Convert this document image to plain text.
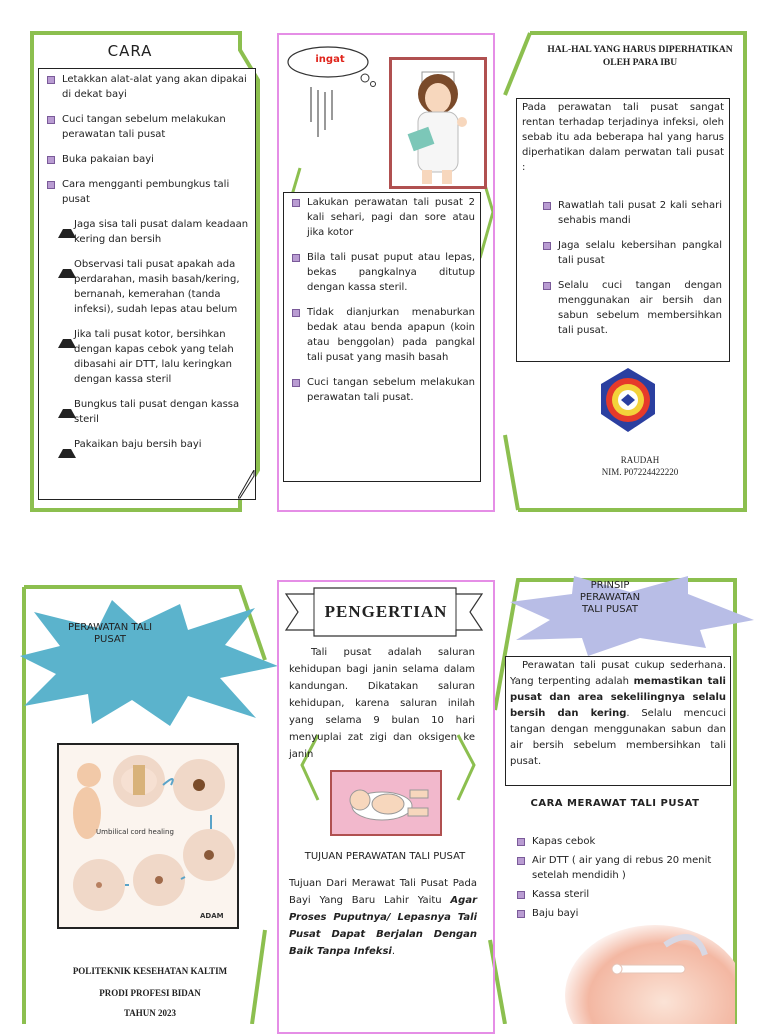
CARA
Letakkan alat-alat yang akan dipakai di dekat bayi
Cuci tangan sebelum melakukan perawatan tali pusat
Buka pakaian bayi
Cara mengganti pembungkus tali pusat
Jaga sisa tali pusat dalam keadaan kering dan bersih
Observasi tali pusat apakah ada perdarahan, masih basah/kering, bernanah, kemerahan (tanda infeksi), sudah lepas atau belum
Jika tali pusat kotor, bersihkan dengan kapas cebok yang telah dibasahi air DTT, lalu keringkan dengan kassa steril
Bungkus tali pusat dengan kassa steril
Pakaikan baju bersih bayi
ingat
Lakukan perawatan tali pusat 2 kali sehari, pagi dan sore atau jika kotor
Bila tali pusat puput atau lepas, bekas pangkalnya ditutup dengan kassa steril.
Tidak dianjurkan menaburkan bedak atau benda apapun (koin atau benggolan) pada pangkal tali pusat yang masih basah
Cuci tangan sebelum melakukan perawatan tali pusat.
HAL-HAL YANG HARUS DIPERHATIKAN OLEH PARA IBU
Pada perawatan tali pusat sangat rentan terhadap terjadinya infeksi, oleh sebab itu ada beberapa hal yang harus diperhatikan dalam perwatan tali pusat :
Rawatlah tali pusat 2 kali sehari sehabis mandi
Jaga selalu kebersihan pangkal tali pusat
Selalu cuci tangan dengan menggunakan air bersih dan sabun sebelum membersihkan tali pusat.
RAUDAH
NIM. P07224422220
PERAWATAN TALI PUSAT
Umbilical cord healing
ADAM
POLITEKNIK KESEHATAN KALTIM
PRODI PROFESI BIDAN
TAHUN 2023
PENGERTIAN
Tali pusat adalah saluran kehidupan bagi janin selama dalam kandungan. Dikatakan saluran kehidupan, karena saluran inilah yang selama 9 bulan 10 hari menyuplai zat zigi dan oksigen ke janin
TUJUAN PERAWATAN TALI PUSAT
Tujuan Dari Merawat Tali Pusat Pada Bayi Yang Baru Lahir Yaitu Agar Proses Puputnya/ Lepasnya Tali Pusat Dapat Berjalan Dengan Baik Tanpa Infeksi.
PRINSIP PERAWATAN TALI PUSAT
Perawatan tali pusat cukup sederhana. Yang terpenting adalah memastikan tali pusat dan area sekelilingnya selalu bersih dan kering. Selalu mencuci tangan dengan menggunakan sabun dan air bersih sebelum membersihkan tali pusat.
CARA MERAWAT TALI PUSAT
Kapas cebok
Air DTT ( air yang di rebus 20 menit setelah mendidih )
Kassa steril
Baju bayi
